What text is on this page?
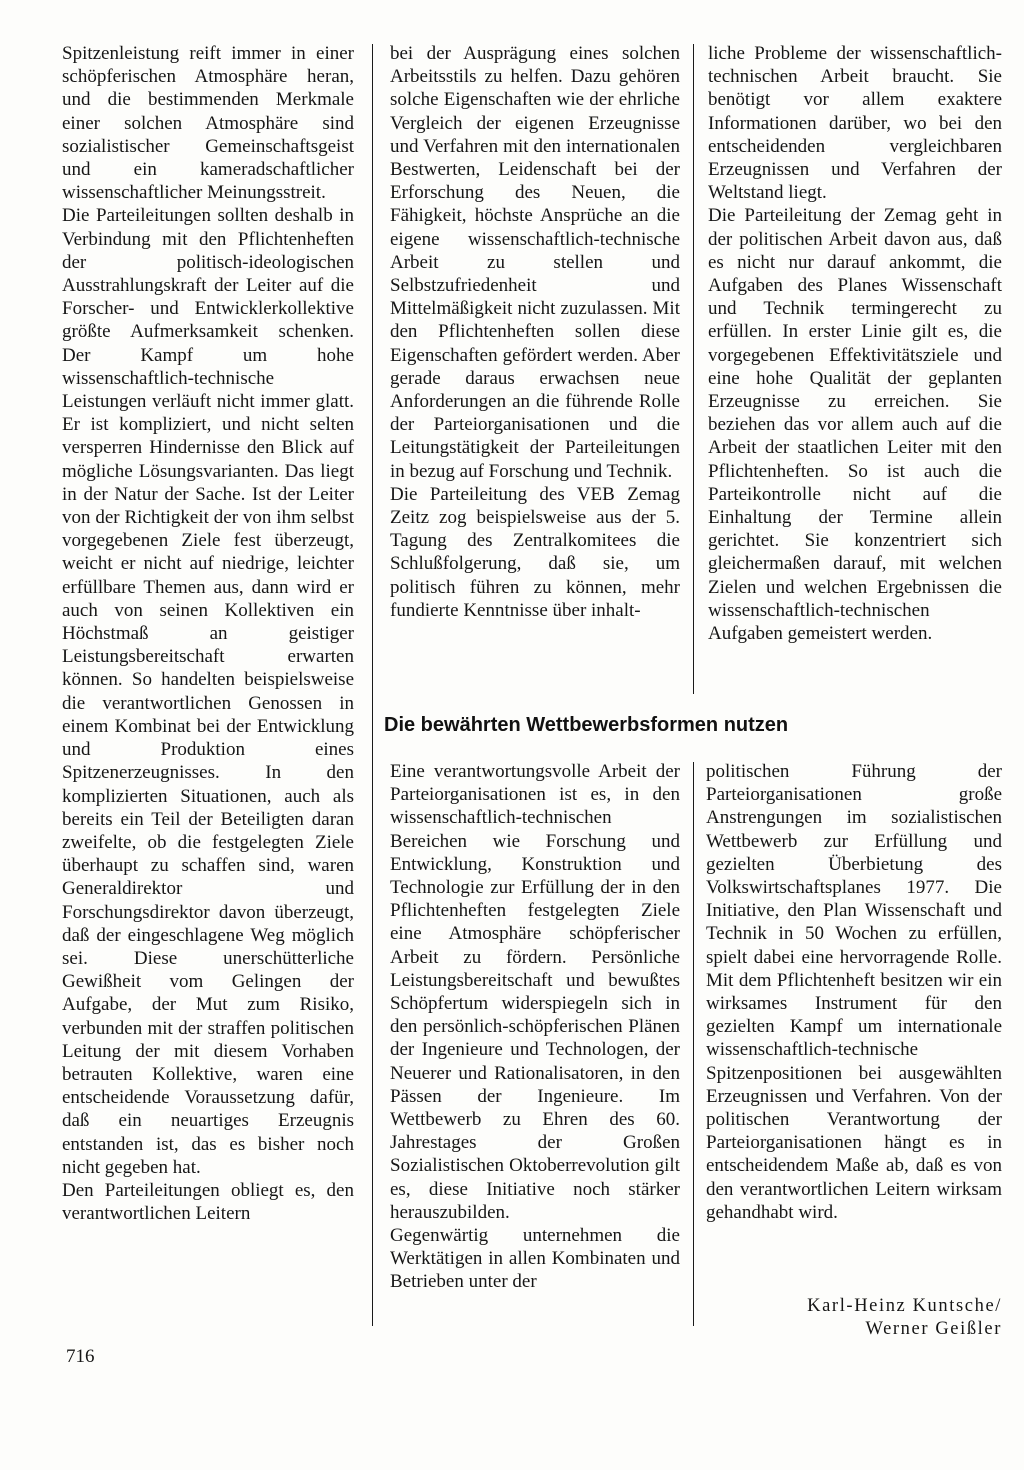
Spitzenleistung reift immer in einer schöpferischen Atmosphäre heran, und die bestimmenden Merkmale einer solchen Atmosphäre sind sozialistischer Gemeinschaftsgeist und ein kameradschaftlicher wissenschaftlicher Meinungsstreit.

Die Parteileitungen sollten deshalb in Verbindung mit den Pflichtenheften der politisch-ideologischen Ausstrahlungskraft der Leiter auf die Forscher- und Entwicklerkollektive größte Aufmerksamkeit schenken. Der Kampf um hohe wissenschaftlich-technische Leistungen verläuft nicht immer glatt. Er ist kompliziert, und nicht selten versperren Hindernisse den Blick auf mögliche Lösungsvarianten. Das liegt in der Natur der Sache. Ist der Leiter von der Richtigkeit der von ihm selbst vorgegebenen Ziele fest überzeugt, weicht er nicht auf niedrige, leichter erfüllbare Themen aus, dann wird er auch von seinen Kollektiven ein Höchstmaß an geistiger Leistungsbereitschaft erwarten können. So handelten beispielsweise die verantwortlichen Genossen in einem Kombinat bei der Entwicklung und Produktion eines Spitzenerzeugnisses. In den komplizierten Situationen, auch als bereits ein Teil der Beteiligten daran zweifelte, ob die festgelegten Ziele überhaupt zu schaffen sind, waren Generaldirektor und Forschungsdirektor davon überzeugt, daß der eingeschlagene Weg möglich sei. Diese unerschütterliche Gewißheit vom Gelingen der Aufgabe, der Mut zum Risiko, verbunden mit der straffen politischen Leitung der mit diesem Vorhaben betrauten Kollektive, waren eine entscheidende Voraussetzung dafür, daß ein neuartiges Erzeugnis entstanden ist, das es bisher noch nicht gegeben hat.

Den Parteileitungen obliegt es, den verantwortlichen Leitern

bei der Ausprägung eines solchen Arbeitsstils zu helfen. Dazu gehören solche Eigenschaften wie der ehrliche Vergleich der eigenen Erzeugnisse und Verfahren mit den internationalen Bestwerten, Leidenschaft bei der Erforschung des Neuen, die Fähigkeit, höchste Ansprüche an die eigene wissenschaftlich-technische Arbeit zu stellen und Selbstzufriedenheit und Mittelmäßigkeit nicht zuzulassen. Mit den Pflichtenheften sollen diese Eigenschaften gefördert werden. Aber gerade daraus erwachsen neue Anforderungen an die führende Rolle der Parteiorganisationen und die Leitungstätigkeit der Parteileitungen in bezug auf Forschung und Technik.

Die Parteileitung des VEB Zemag Zeitz zog beispielsweise aus der 5. Tagung des Zentralkomitees die Schlußfolgerung, daß sie, um politisch führen zu können, mehr fundierte Kenntnisse über inhalt-

liche Probleme der wissenschaftlich-technischen Arbeit braucht. Sie benötigt vor allem exaktere Informationen darüber, wo bei den entscheidenden vergleichbaren Erzeugnissen und Verfahren der Weltstand liegt.

Die Parteileitung der Zemag geht in der politischen Arbeit davon aus, daß es nicht nur darauf ankommt, die Aufgaben des Planes Wissenschaft und Technik termingerecht zu erfüllen. In erster Linie gilt es, die vorgegebenen Effektivitätsziele und eine hohe Qualität der geplanten Erzeugnisse zu erreichen. Sie beziehen das vor allem auch auf die Arbeit der staatlichen Leiter mit den Pflichtenheften. So ist auch die Parteikontrolle nicht auf die Einhaltung der Termine allein gerichtet. Sie konzentriert sich gleichermaßen darauf, mit welchen Zielen und welchen Ergebnissen die wissenschaftlich-technischen Aufgaben gemeistert werden.

Die bewährten Wettbewerbsformen nutzen

Eine verantwortungsvolle Arbeit der Parteiorganisationen ist es, in den wissenschaftlich-technischen Bereichen wie Forschung und Entwicklung, Konstruktion und Technologie zur Erfüllung der in den Pflichtenheften festgelegten Ziele eine Atmosphäre schöpferischer Arbeit zu fördern. Persönliche Leistungsbereitschaft und bewußtes Schöpfertum widerspiegeln sich in den persönlich-schöpferischen Plänen der Ingenieure und Technologen, der Neuerer und Rationalisatoren, in den Pässen der Ingenieure. Im Wettbewerb zu Ehren des 60. Jahrestages der Großen Sozialistischen Oktoberrevolution gilt es, diese Initiative noch stärker herauszubilden.

Gegenwärtig unternehmen die Werktätigen in allen Kombinaten und Betrieben unter der

politischen Führung der Parteiorganisationen große Anstrengungen im sozialistischen Wettbewerb zur Erfüllung und gezielten Überbietung des Volkswirtschaftsplanes 1977. Die Initiative, den Plan Wissenschaft und Technik in 50 Wochen zu erfüllen, spielt dabei eine hervorragende Rolle. Mit dem Pflichtenheft besitzen wir ein wirksames Instrument für den gezielten Kampf um internationale wissenschaftlich-technische Spitzenpositionen bei ausgewählten Erzeugnissen und Verfahren. Von der politischen Verantwortung der Parteiorganisationen hängt es in entscheidendem Maße ab, daß es von den verantwortlichen Leitern wirksam gehandhabt wird.

Karl-Heinz Kuntsche/
Werner Geißler
716
